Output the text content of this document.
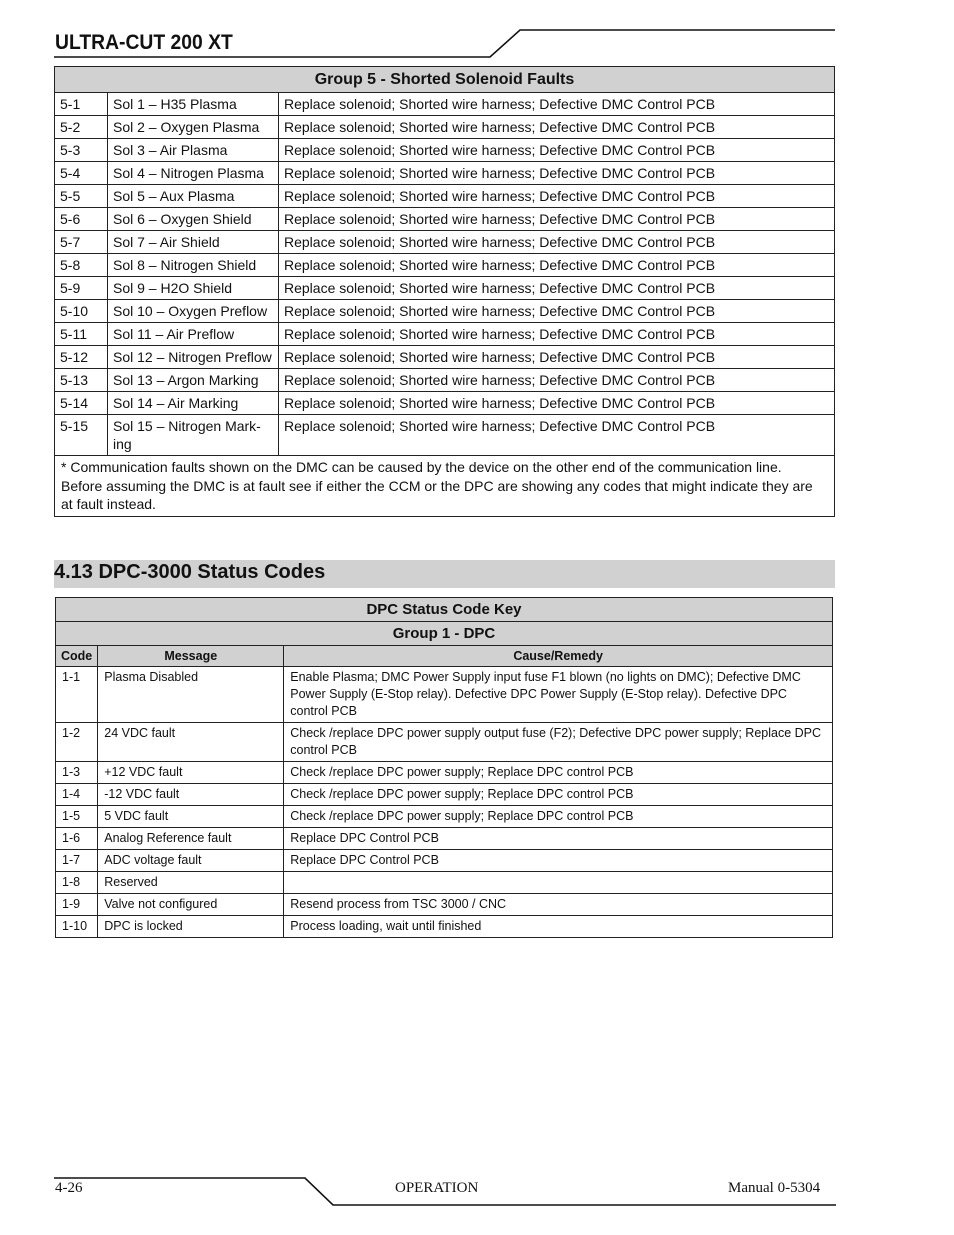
ULTRA-CUT 200 XT
Group 5 - Shorted Solenoid Faults		
5-1	Sol 1 – H35 Plasma	Replace solenoid; Shorted wire harness; Defective DMC Control PCB
5-2	Sol 2 – Oxygen Plasma	Replace solenoid; Shorted wire harness; Defective DMC Control PCB
5-3	Sol 3 – Air Plasma	Replace solenoid; Shorted wire harness; Defective DMC Control PCB
5-4	Sol 4 – Nitrogen Plasma	Replace solenoid; Shorted wire harness; Defective DMC Control PCB
5-5	Sol 5 – Aux Plasma	Replace solenoid; Shorted wire harness; Defective DMC Control PCB
5-6	Sol 6 – Oxygen Shield	Replace solenoid; Shorted wire harness; Defective DMC Control PCB
5-7	Sol 7 – Air Shield	Replace solenoid; Shorted wire harness; Defective DMC Control PCB
5-8	Sol 8 – Nitrogen Shield	Replace solenoid; Shorted wire harness; Defective DMC Control PCB
5-9	Sol 9 – H2O Shield	Replace solenoid; Shorted wire harness; Defective DMC Control PCB
5-10	Sol 10 – Oxygen Preflow	Replace solenoid; Shorted wire harness; Defective DMC Control PCB
5-11	Sol 11 – Air Preflow	Replace solenoid; Shorted wire harness; Defective DMC Control PCB
5-12	Sol 12 – Nitrogen Preflow	Replace solenoid; Shorted wire harness; Defective DMC Control PCB
5-13	Sol 13 – Argon Marking	Replace solenoid; Shorted wire harness; Defective DMC Control PCB
5-14	Sol 14 – Air Marking	Replace solenoid; Shorted wire harness; Defective DMC Control PCB
5-15	Sol 15 – Nitrogen Mark-ing	Replace solenoid; Shorted wire harness; Defective DMC Control PCB

* Communication faults shown on the DMC can be caused by the device on the other end of the communication line.
Before assuming the DMC is at fault see if either the CCM or the DPC are showing any codes that might indicate they are at fault instead.		
4.13 DPC-3000 Status Codes
DPC Status Code Key		
Group 1 - DPC		
Code	Message	Cause/Remedy
1-1	Plasma Disabled	Enable Plasma; DMC Power Supply input fuse F1 blown (no lights on DMC); Defective DMC Power Supply (E-Stop relay). Defective DPC Power Supply (E-Stop relay). Defective DPC control PCB
1-2	24 VDC fault	Check /replace DPC power supply output fuse (F2); Defective DPC power supply; Replace DPC control PCB
1-3	+12 VDC fault	Check /replace DPC power supply; Replace DPC control PCB
1-4	-12 VDC fault	Check /replace DPC power supply; Replace DPC control PCB
1-5	5 VDC fault	Check /replace DPC power supply; Replace DPC control PCB
1-6	Analog Reference fault	Replace DPC Control PCB
1-7	ADC voltage fault	Replace DPC Control PCB
1-8	Reserved	
1-9	Valve not configured	Resend process from TSC 3000 / CNC
1-10	DPC is locked	Process loading, wait until finished
4-26	OPERATION	Manual 0-5304
